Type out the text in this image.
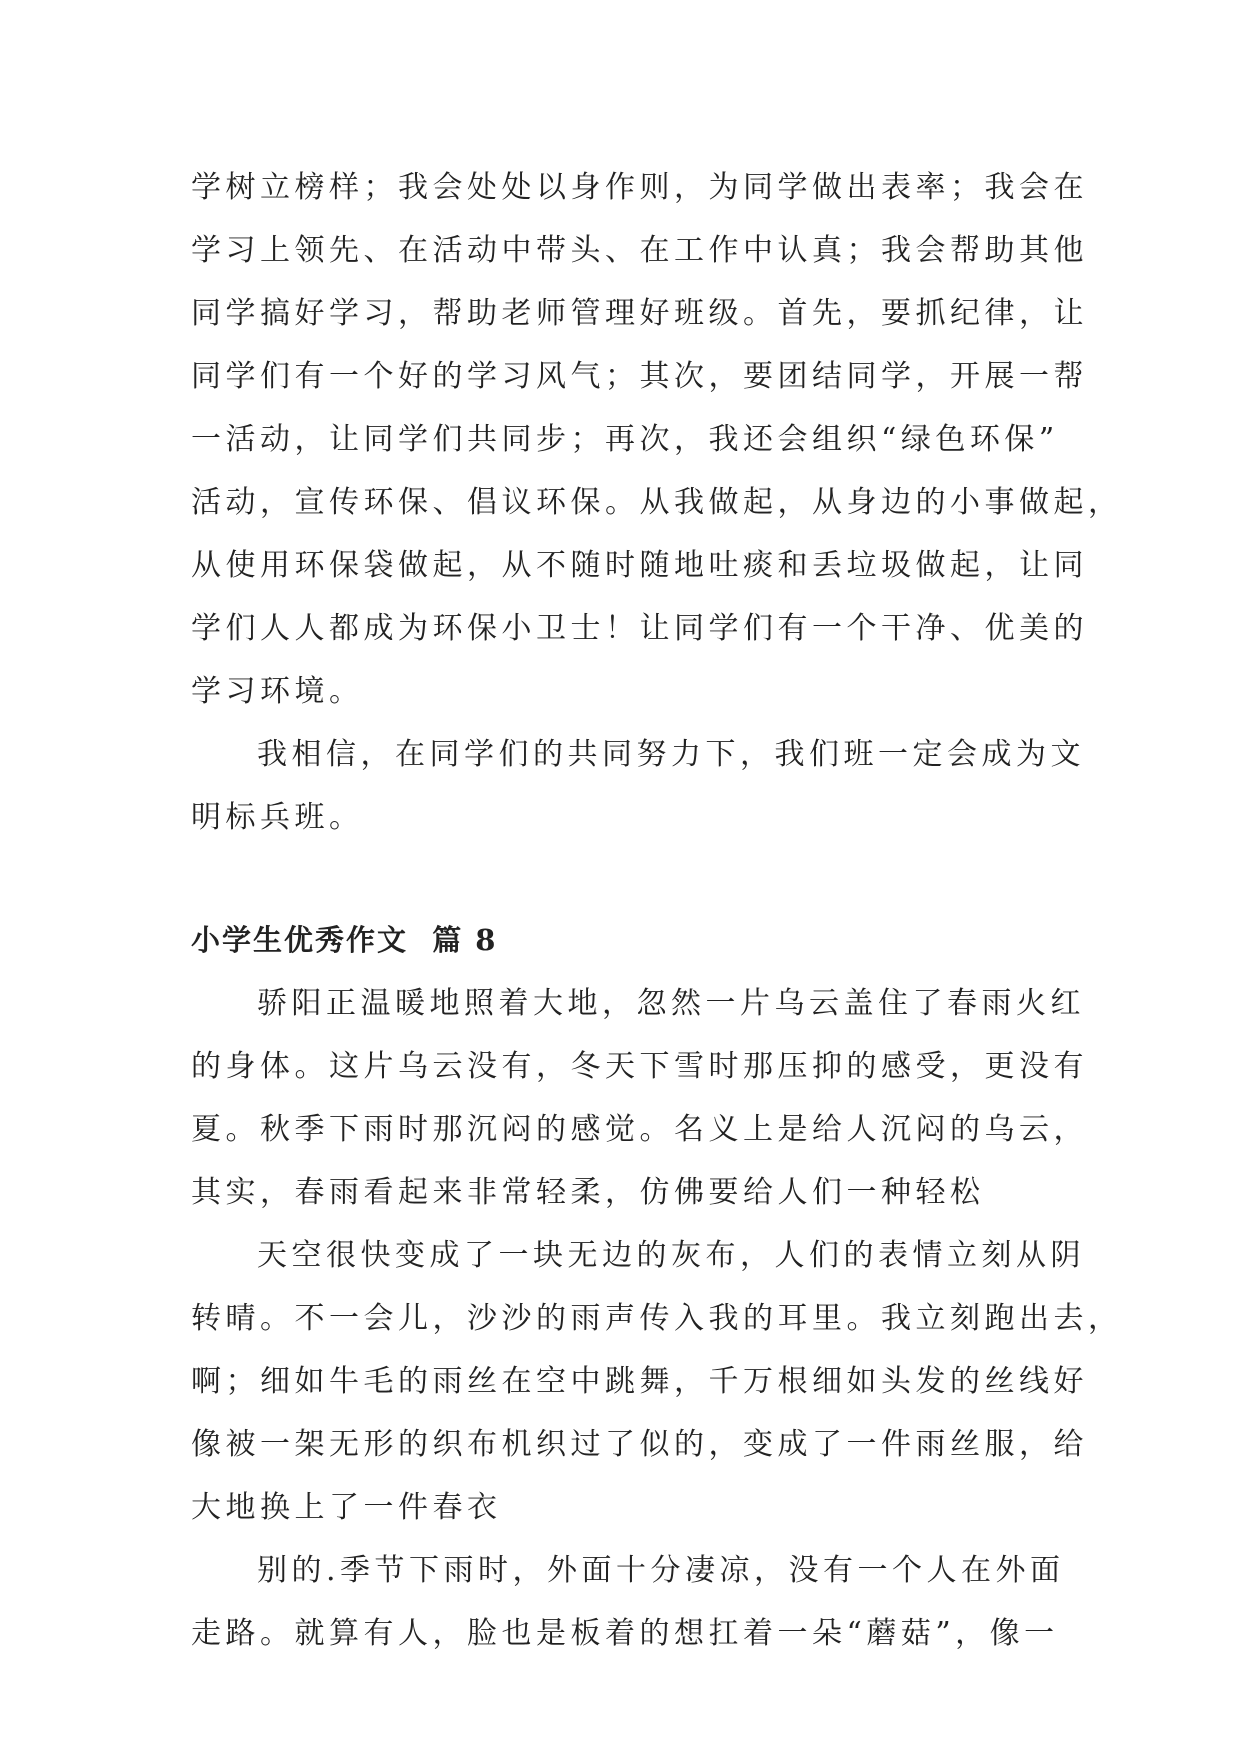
学树立榜样；我会处处以身作则，为同学做出表率；我会在

学习上领先、在活动中带头、在工作中认真；我会帮助其他

同学搞好学习，帮助老师管理好班级。首先，要抓纪律，让

同学们有一个好的学习风气；其次，要团结同学，开展一帮

一活动，让同学们共同步；再次，我还会组织“绿色环保”

活动，宣传环保、倡议环保。从我做起，从身边的小事做起，

从使用环保袋做起，从不随时随地吐痰和丢垃圾做起，让同

学们人人都成为环保小卫士！让同学们有一个干净、优美的

学习环境。

我相信，在同学们的共同努力下，我们班一定会成为文

明标兵班。

小学生优秀作文  篇 8

骄阳正温暖地照着大地，忽然一片乌云盖住了春雨火红

的身体。这片乌云没有，冬天下雪时那压抑的感受，更没有

夏。秋季下雨时那沉闷的感觉。名义上是给人沉闷的乌云，

其实，春雨看起来非常轻柔，仿佛要给人们一种轻松

天空很快变成了一块无边的灰布，人们的表情立刻从阴

转晴。不一会儿，沙沙的雨声传入我的耳里。我立刻跑出去，

啊；细如牛毛的雨丝在空中跳舞，千万根细如头发的丝线好

像被一架无形的织布机织过了似的，变成了一件雨丝服，给

大地换上了一件春衣

别的.季节下雨时，外面十分凄凉，没有一个人在外面

走路。就算有人，脸也是板着的想扛着一朵“蘑菇”，像一
